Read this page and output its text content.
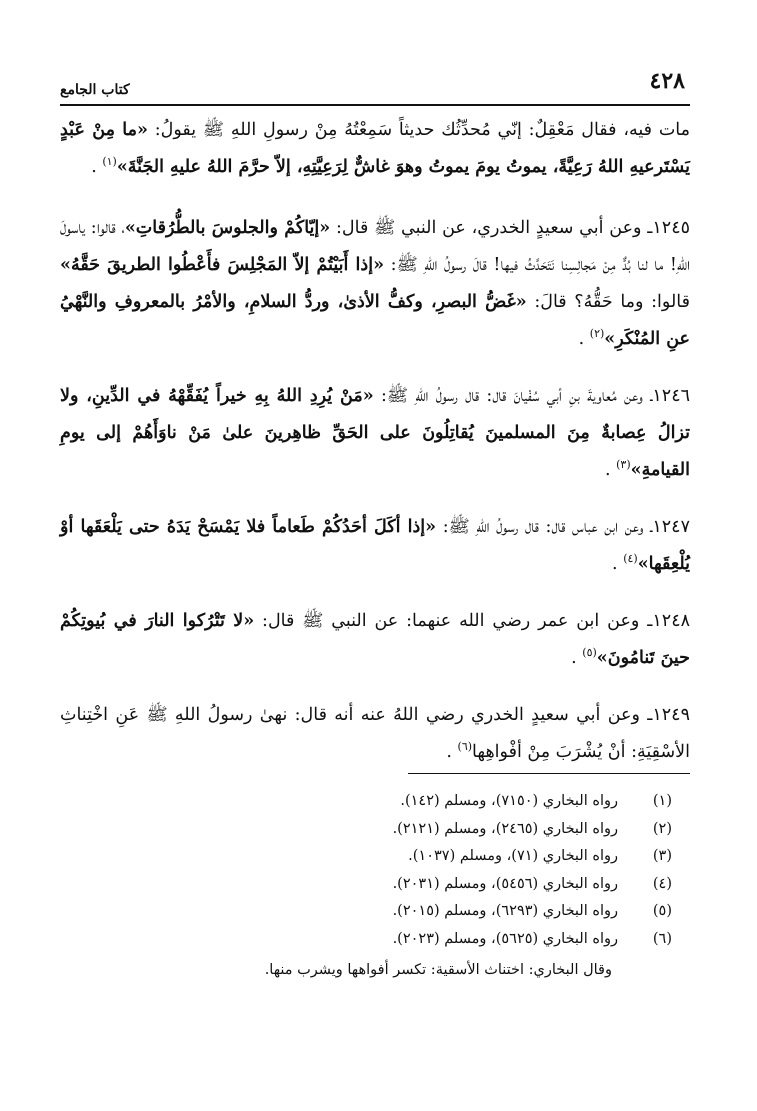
٤٢٨
كتاب الجامع

مات فيه، فقال مَعْقِلٌ: إنّي مُحدِّثُك حديثاً سَمِعْتُهُ مِنْ رسولِ اللهِ ﷺ يقولُ: «ما مِنْ عَبْدٍ يَسْتَرعيهِ اللهُ رَعِيَّةً، يموتُ يومَ يموتُ وهوَ غاشٌّ لِرَعِيَّتِهِ، إلاّ حرَّمَ اللهُ عليهِ الجَنَّةَ»$^{(١)}$ .

١٢٤٥ـ وعن أبي سعيدٍ الخدري، عن النبي ﷺ قال: «إيّاكُمْ والجلوسَ بالطُّرُقاتِ»، قالوا: ياسولَ اللهِ! ما لنا بُدٌّ مِنْ مَجالِسِنا نَتَحَدَّثُ فيها! قالَ رسولُ اللهِ ﷺ: «إذا أَبَيْتُمْ إلاّ المَجْلِسَ فأَعْطُوا الطريقَ حَقَّهُ» قالوا: وما حَقُّهُ؟ قالَ: «غَضُّ البصرِ، وكفُّ الأذىٰ، وردُّ السلامِ، والأمْرُ بالمعروفِ والنَّهْيُ عنِ المُنْكَرِ»$^{(٢)}$ .

١٢٤٦ـ وعن مُعاويةَ بنِ أبي سُفْيانَ قال: قال رسولُ اللهِ ﷺ: «مَنْ يُرِدِ اللهُ بِهِ خيراً يُفَقِّهْهُ في الدِّينِ، ولا تزالُ عِصابةٌ مِنَ المسلمينَ يُقاتِلُونَ على الحَقِّ ظاهِرينَ علىٰ مَنْ ناوَأَهُمْ إلى يومِ القيامةِ»$^{(٣)}$ .

١٢٤٧ـ وعن ابن عباس قال: قال رسولُ اللهِ ﷺ: «إذا أكَلَ أحَدُكُمْ طَعاماً فلا يَمْسَحْ يَدَهُ حتى يَلْعَقَها أوْ يُلْعِقَها»$^{(٤)}$ .

١٢٤٨ـ وعن ابن عمر رضي الله عنهما: عن النبي ﷺ قال: «لا تَتْرُكوا النارَ في بُيوتِكُمْ حينَ تَنامُونَ»$^{(٥)}$ .

١٢٤٩ـ وعن أبي سعيدٍ الخدري رضي اللهُ عنه أنه قال: نهىٰ رسولُ اللهِ ﷺ عَنِ اخْتِناثِ الأسْقِيَةِ: أنْ يُشْرَبَ مِنْ أفْواهِها$^{(٦)}$ .

(١)
رواه البخاري (٧١٥٠)، ومسلم (١٤٢).
(٢)
رواه البخاري (٢٤٦٥)، ومسلم (٢١٢١).
(٣)
رواه البخاري (٧١)، ومسلم (١٠٣٧).
(٤)
رواه البخاري (٥٤٥٦)، ومسلم (٢٠٣١).
(٥)
رواه البخاري (٦٢٩٣)، ومسلم (٢٠١٥).
(٦)
رواه البخاري (٥٦٢٥)، ومسلم (٢٠٢٣).
وقال البخاري: اختناث الأسقية: تكسر أفواهها ويشرب منها.
